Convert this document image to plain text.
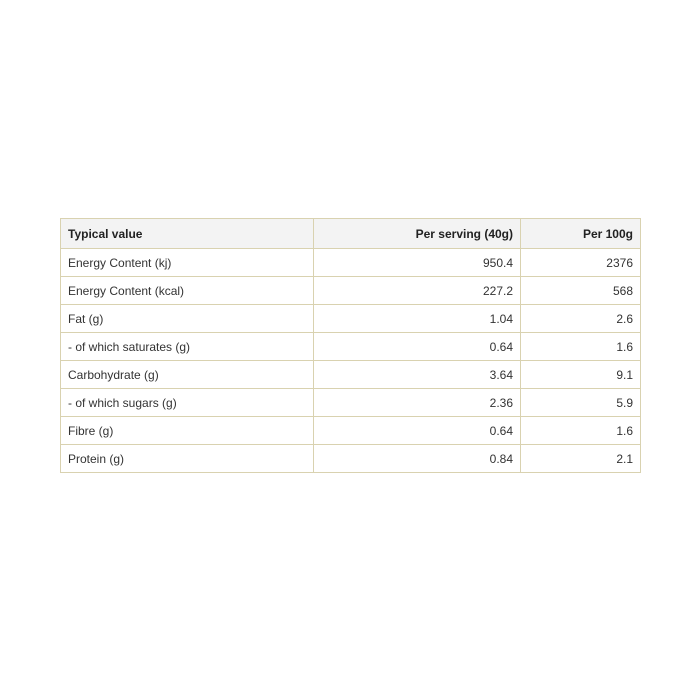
Typical value	Per serving (40g)	Per 100g
Energy Content (kj)	950.4	2376
Energy Content (kcal)	227.2	568
Fat (g)	1.04	2.6
- of which saturates (g)	0.64	1.6
Carbohydrate (g)	3.64	9.1
- of which sugars (g)	2.36	5.9
Fibre (g)	0.64	1.6
Protein (g)	0.84	2.1
